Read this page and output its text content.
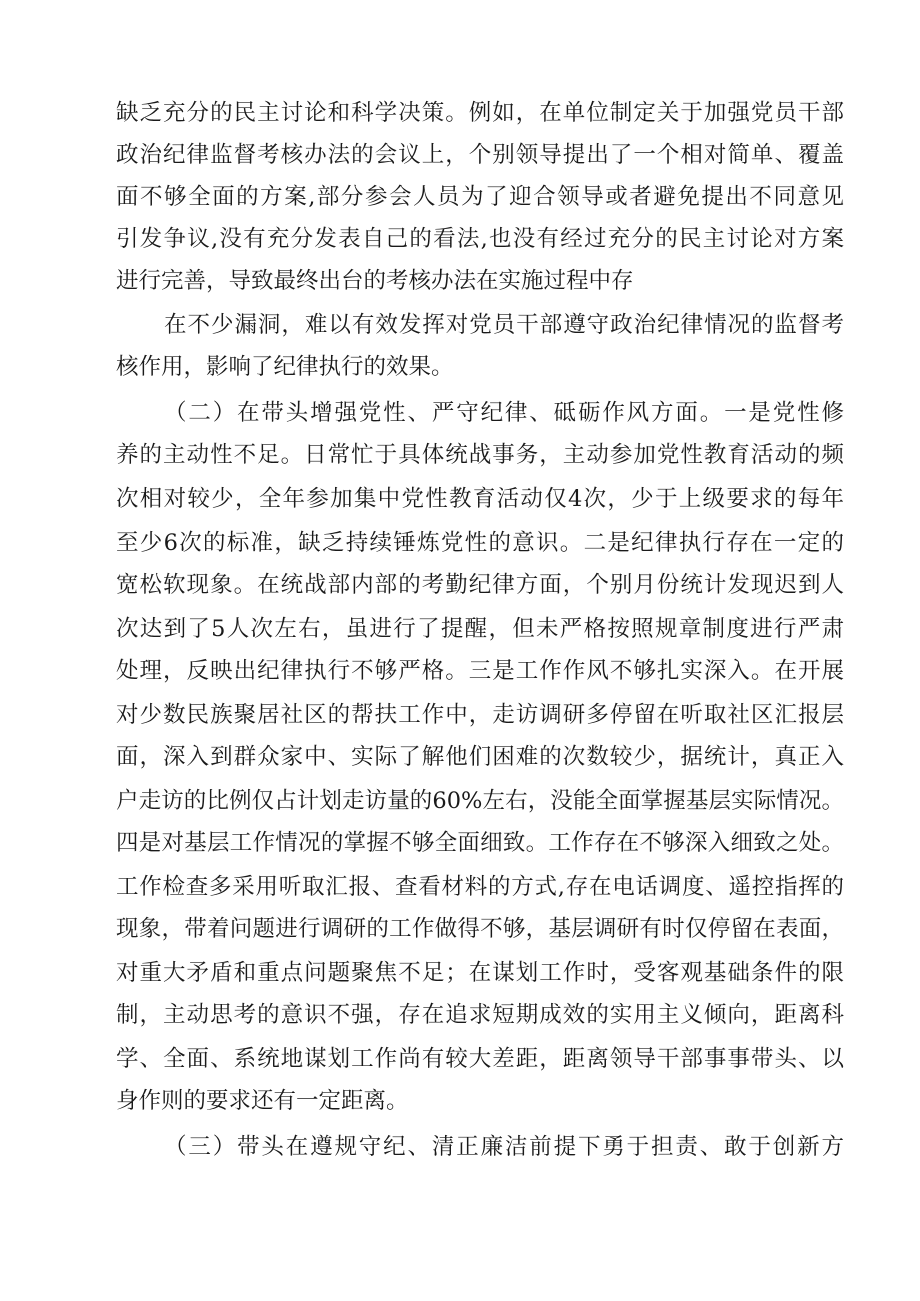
缺乏充分的民主讨论和科学决策。例如，在单位制定关于加强党员干部

政治纪律监督考核办法的会议上，个别领导提出了一个相对简单、覆盖

面不够全面的方案,部分参会人员为了迎合领导或者避免提出不同意见

引发争议,没有充分发表自己的看法,也没有经过充分的民主讨论对方案

进行完善，导致最终出台的考核办法在实施过程中存

在不少漏洞，难以有效发挥对党员干部遵守政治纪律情况的监督考

核作用，影响了纪律执行的效果。

（二）在带头增强党性、严守纪律、砥砺作风方面。一是党性修

养的主动性不足。日常忙于具体统战事务，主动参加党性教育活动的频

次相对较少，全年参加集中党性教育活动仅4次，少于上级要求的每年

至少6次的标准，缺乏持续锤炼党性的意识。二是纪律执行存在一定的

宽松软现象。在统战部内部的考勤纪律方面，个别月份统计发现迟到人

次达到了5人次左右，虽进行了提醒，但未严格按照规章制度进行严肃

处理，反映出纪律执行不够严格。三是工作作风不够扎实深入。在开展

对少数民族聚居社区的帮扶工作中，走访调研多停留在听取社区汇报层

面，深入到群众家中、实际了解他们困难的次数较少，据统计，真正入

户走访的比例仅占计划走访量的60%左右，没能全面掌握基层实际情况。

四是对基层工作情况的掌握不够全面细致。工作存在不够深入细致之处。

工作检查多采用听取汇报、查看材料的方式,存在电话调度、遥控指挥的

现象，带着问题进行调研的工作做得不够，基层调研有时仅停留在表面，

对重大矛盾和重点问题聚焦不足；在谋划工作时，受客观基础条件的限

制，主动思考的意识不强，存在追求短期成效的实用主义倾向，距离科

学、全面、系统地谋划工作尚有较大差距，距离领导干部事事带头、以

身作则的要求还有一定距离。

（三）带头在遵规守纪、清正廉洁前提下勇于担责、敢于创新方
